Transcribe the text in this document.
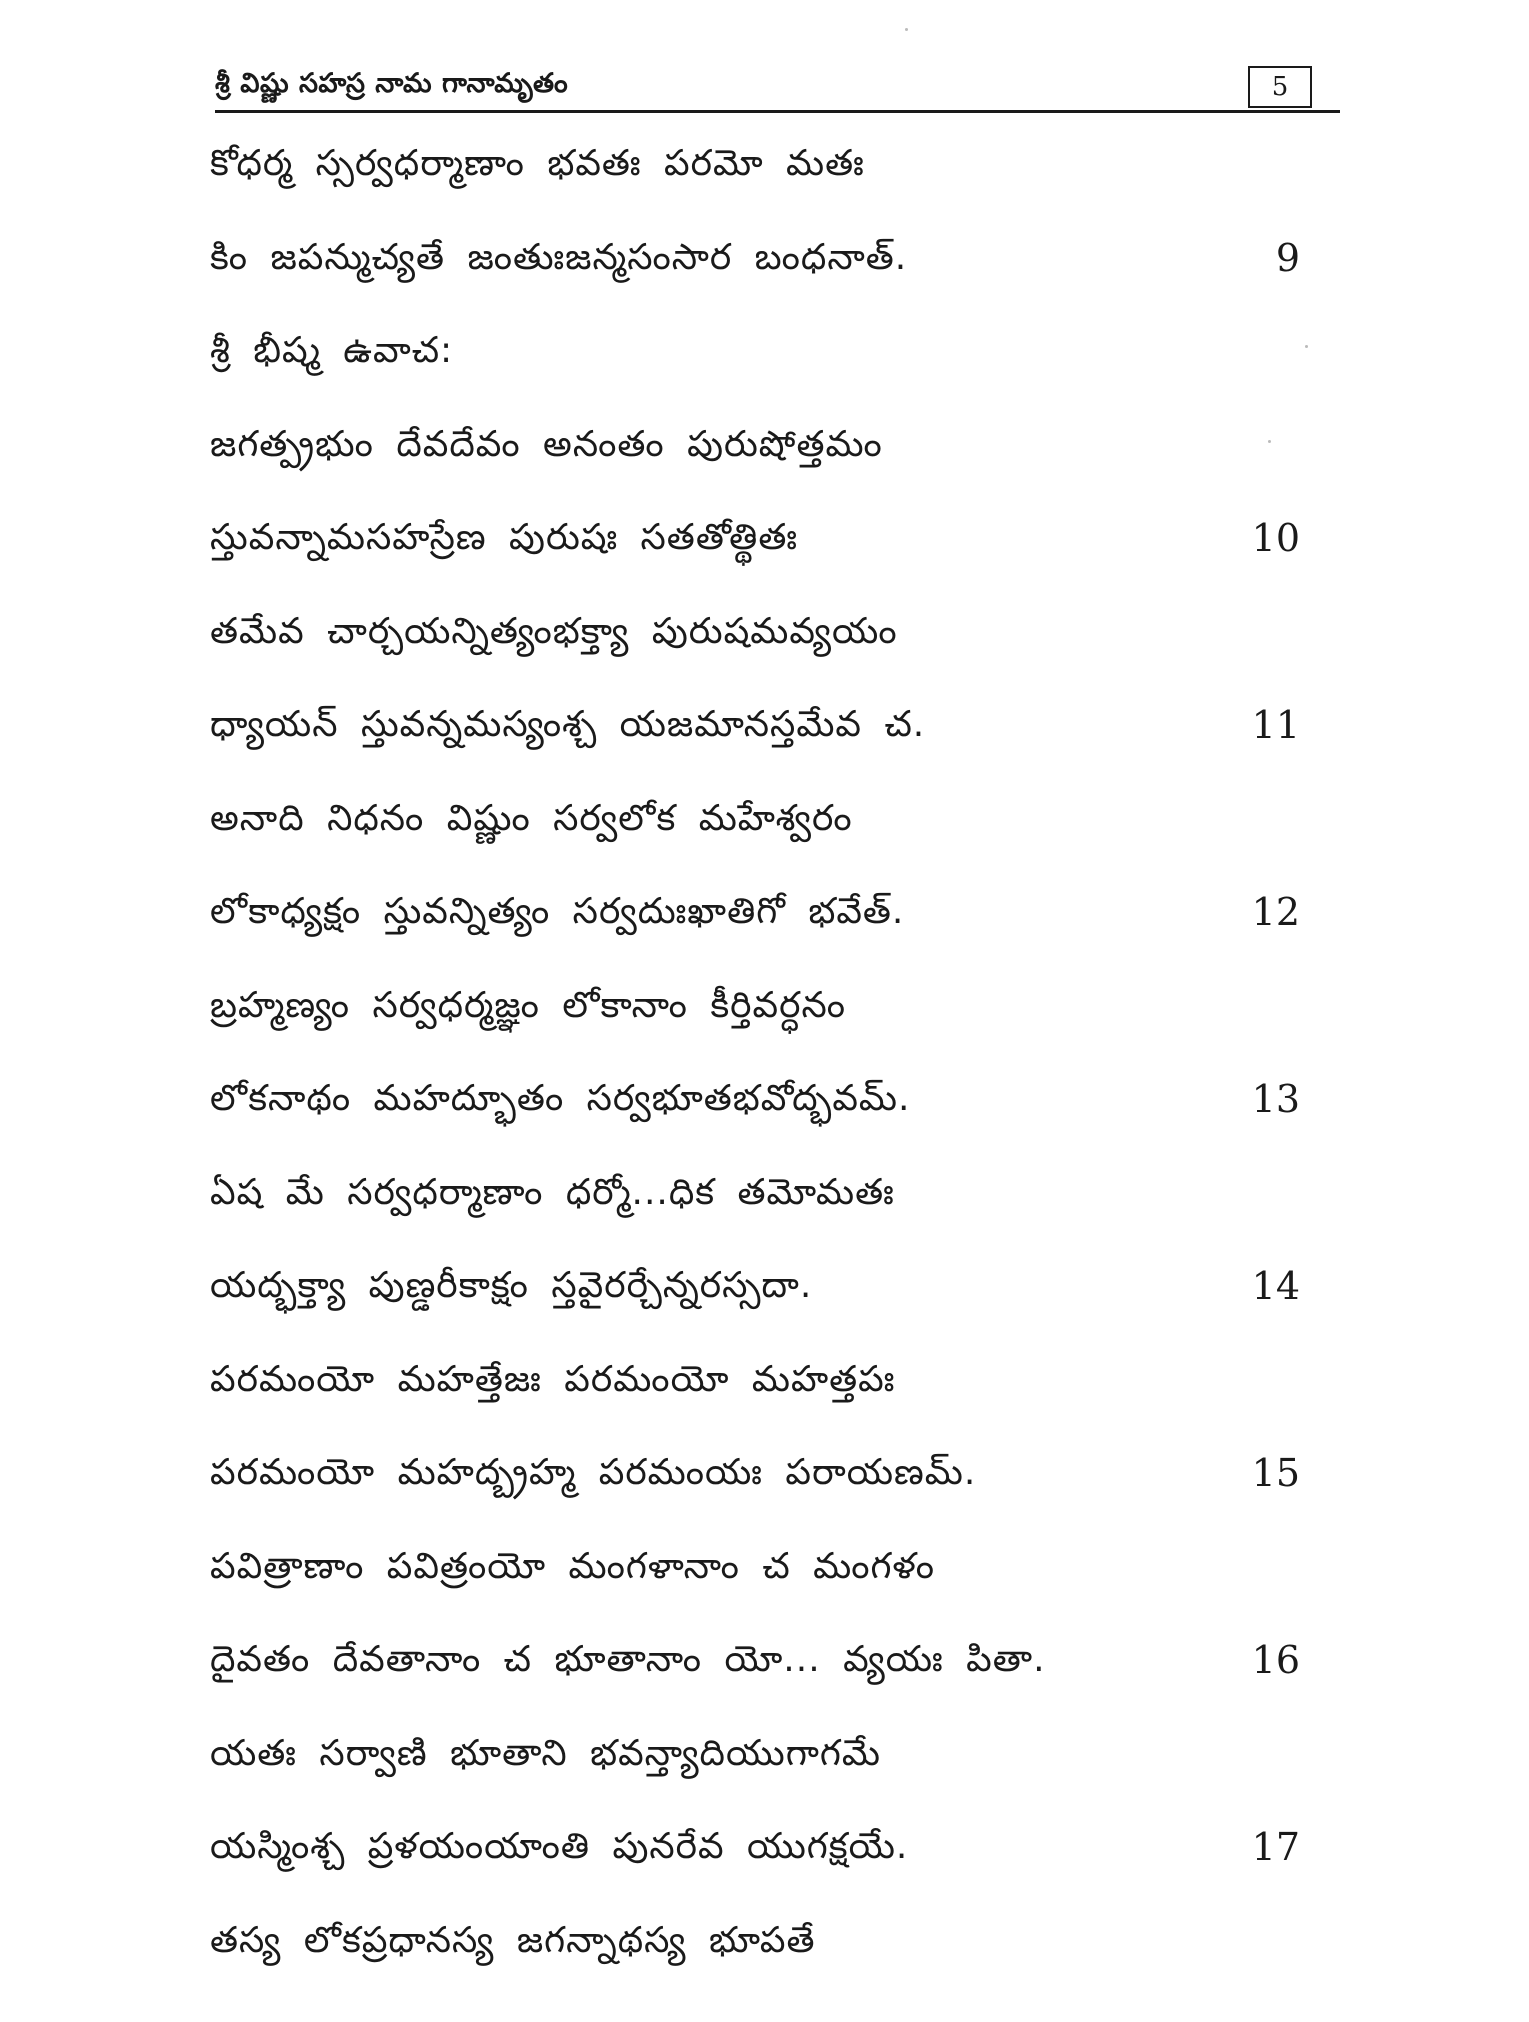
శ్రీ విష్ణు సహస్ర నామ గానామృతం	5
కోధర్మ స్సర్వధర్మాణాం భవతః పరమో మతః
కిం జపన్ముచ్యతే జంతుఃజన్మసంసార బంధనాత్.	9
శ్రీ భీష్మ ఉవాచ:
జగత్ప్రభుం దేవదేవం అనంతం పురుషోత్తమం
స్తువన్నామసహస్రేణ పురుషః సతతోత్థితః	10
తమేవ చార్చయన్నిత్యంభక్త్యా పురుషమవ్యయం
ధ్యాయన్ స్తువన్నమస్యంశ్చ యజమానస్తమేవ చ.	11
అనాది నిధనం విష్ణుం సర్వలోక మహేశ్వరం
లోకాధ్యక్షం స్తువన్నిత్యం సర్వదుఃఖాతిగో భవేత్.	12
బ్రహ్మణ్యం సర్వధర్మజ్ఞం లోకానాం కీర్తివర్ధనం
లోకనాథం మహద్భూతం సర్వభూతభవోద్భవమ్.	13
ఏష మే సర్వధర్మాణాం ధర్మో...ధిక తమోమతః
యద్భక్త్యా పుణ్డరీకాక్షం స్తవైరర్చేన్నరస్సదా.	14
పరమంయో మహత్తేజః పరమంయో మహత్తపః
పరమంయో మహద్బ్రహ్మ పరమంయః పరాయణమ్.	15
పవిత్రాణాం పవిత్రంయో మంగళానాం చ మంగళం
దైవతం దేవతానాం చ భూతానాం యో... వ్యయః పితా.	16
యతః సర్వాణి భూతాని భవన్త్యాదియుగాగమే
యస్మింశ్చ ప్రళయంయాంతి పునరేవ యుగక్షయే.	17
తస్య లోకప్రధానస్య జగన్నాథస్య భూపతే
